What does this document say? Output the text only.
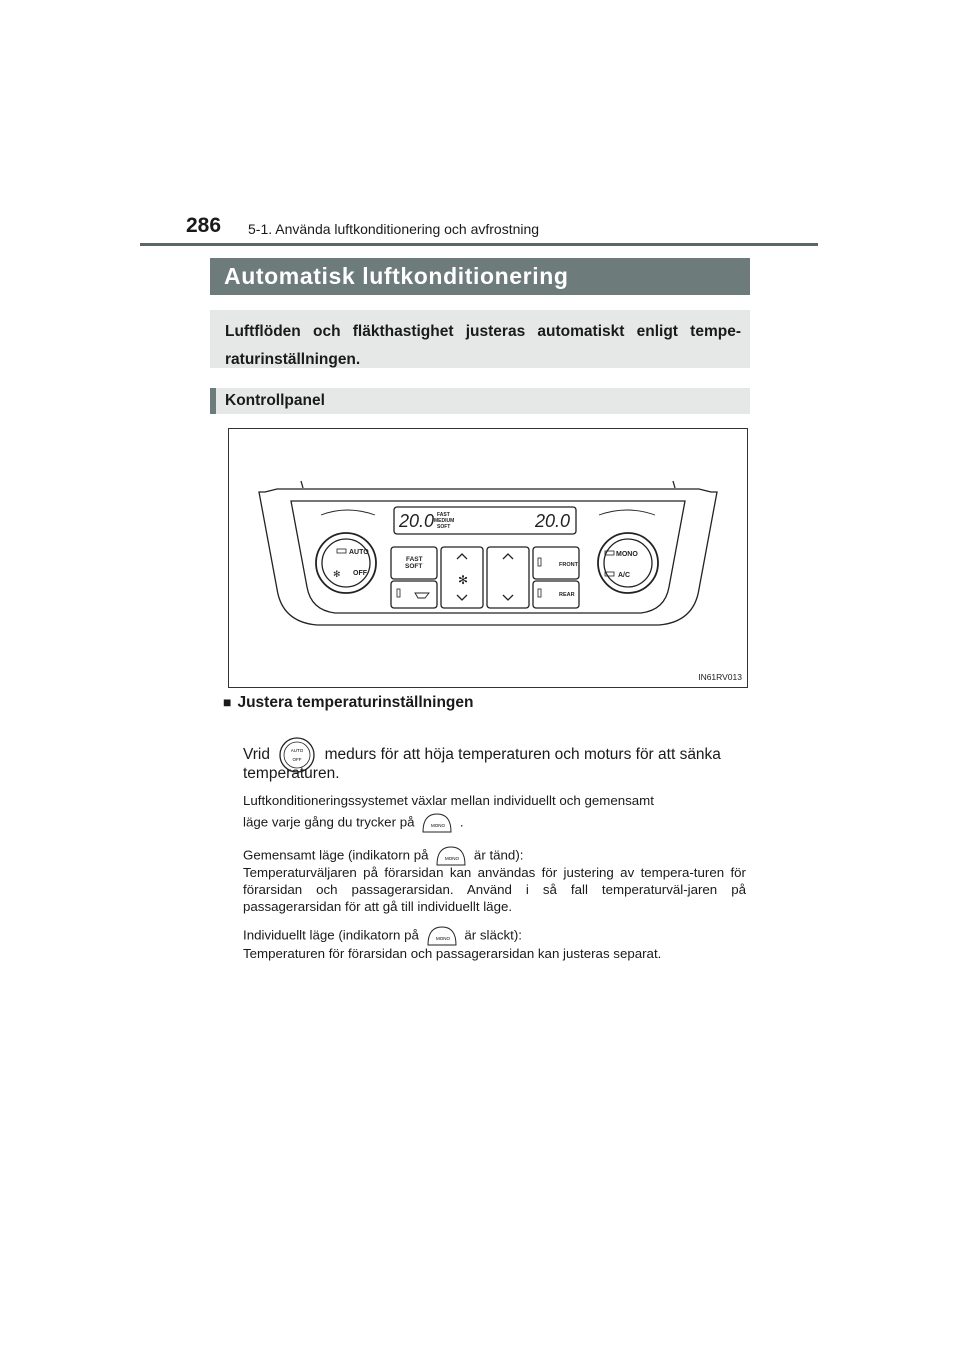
286 5-1. Använda luftkonditionering och avfrostning
Automatisk luftkonditionering
Luftflöden och fläkthastighet justeras automatiskt enligt tempe-raturinställningen.
Kontrollpanel
20.0	20.0
FAST
MEDIUM
SOFT
AUTO
OFF
MONO
A/C
FAST
SOFT	FRONT
REAR
✻
✻
IN61RV013
■ Justera temperaturinställningen
Vrid	AUTO
OFF medurs för att höja temperaturen och moturs för att sänka
temperaturen.
Luftkonditioneringssystemet växlar mellan individuellt och gemensamt
läge varje gång du trycker på	MONO .
Gemensamt läge (indikatorn på	MONO är tänd):
Temperaturväljaren på förarsidan kan användas för justering av tempera-turen för förarsidan och passagerarsidan. Använd i så fall temperaturväl-jaren på passagerarsidan för att gå till individuellt läge.
Individuellt läge (indikatorn på	MONO är släckt):
Temperaturen för förarsidan och passagerarsidan kan justeras separat.
